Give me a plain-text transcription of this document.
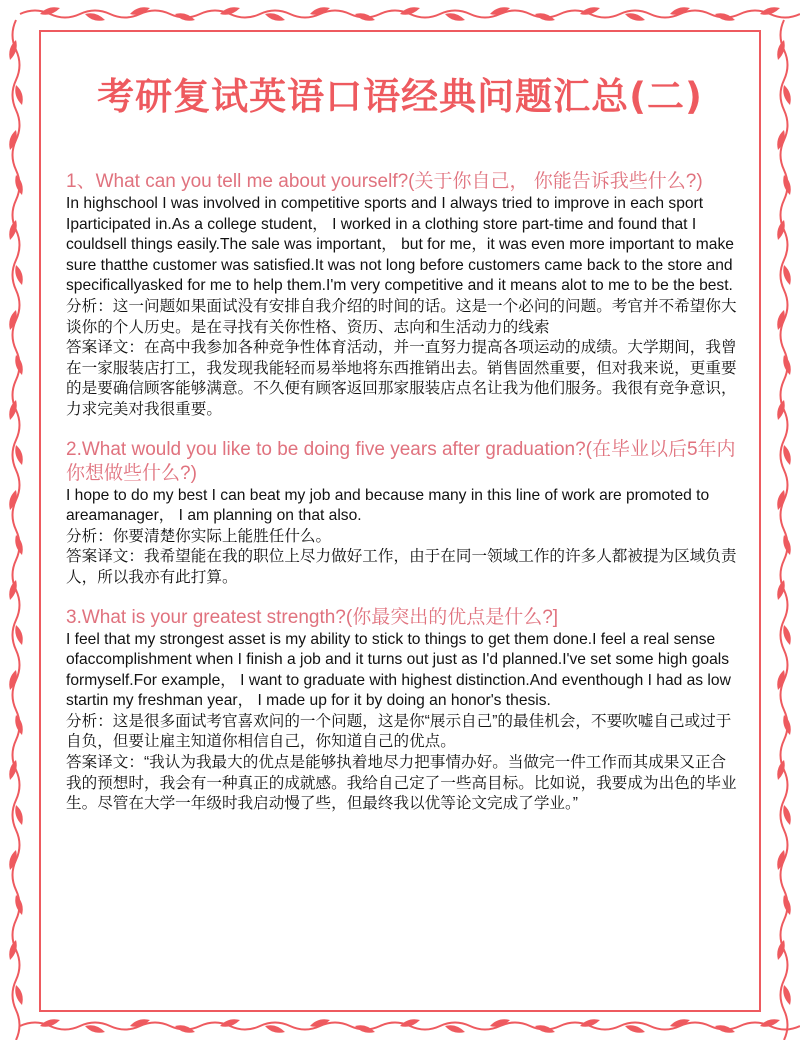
考研复试英语口语经典问题汇总(二)

1、What can you tell me about yourself?(关于你自己， 你能告诉我些什么?)

In highschool I was involved in competitive sports and I always tried to improve in each sport Iparticipated in.As a college student， I worked in a clothing store part-time and found that I couldsell things easily.The sale was important， but for me，it was even more important to make sure thatthe customer was satisfied.It was not long before customers came back to the store and specificallyasked for me to help them.I'm very competitive and it means alot to me to be the best.

分析：这一问题如果面试没有安排自我介绍的时间的话。这是一个必问的问题。考官并不希望你大谈你的个人历史。是在寻找有关你性格、资历、志向和生活动力的线索

答案译文：在高中我参加各种竞争性体育活动，并一直努力提高各项运动的成绩。大学期间，我曾在一家服装店打工，我发现我能轻而易举地将东西推销出去。销售固然重要，但对我来说，更重要的是要确信顾客能够满意。不久便有顾客返回那家服装店点名让我为他们服务。我很有竞争意识，力求完美对我很重要。

2.What would you like to be doing five years after graduation?(在毕业以后5年内你想做些什么?)

I hope to do my best I can beat my job and because many in this line of work are promoted to areamanager， I am planning on that also.

分析：你要清楚你实际上能胜任什么。

答案译文：我希望能在我的职位上尽力做好工作，由于在同一领域工作的许多人都被提为区域负责人，所以我亦有此打算。

3.What is your greatest strength?(你最突出的优点是什么?]

I feel that my strongest asset is my ability to stick to things to get them done.I feel a real sense ofaccomplishment when I finish a job and it turns out just as I'd planned.I've set some high goals formyself.For example， I want to graduate with highest distinction.And eventhough I had as low startin my freshman year， I made up for it by doing an honor's thesis.

分析：这是很多面试考官喜欢问的一个问题，这是你“展示自己”的最佳机会，不要吹嘘自己或过于自负，但要让雇主知道你相信自己，你知道自己的优点。

答案译文：“我认为我最大的优点是能够执着地尽力把事情办好。当做完一件工作而其成果又正合我的预想时，我会有一种真正的成就感。我给自己定了一些高目标。比如说，我要成为出色的毕业生。尽管在大学一年级时我启动慢了些，但最终我以优等论文完成了学业。”
